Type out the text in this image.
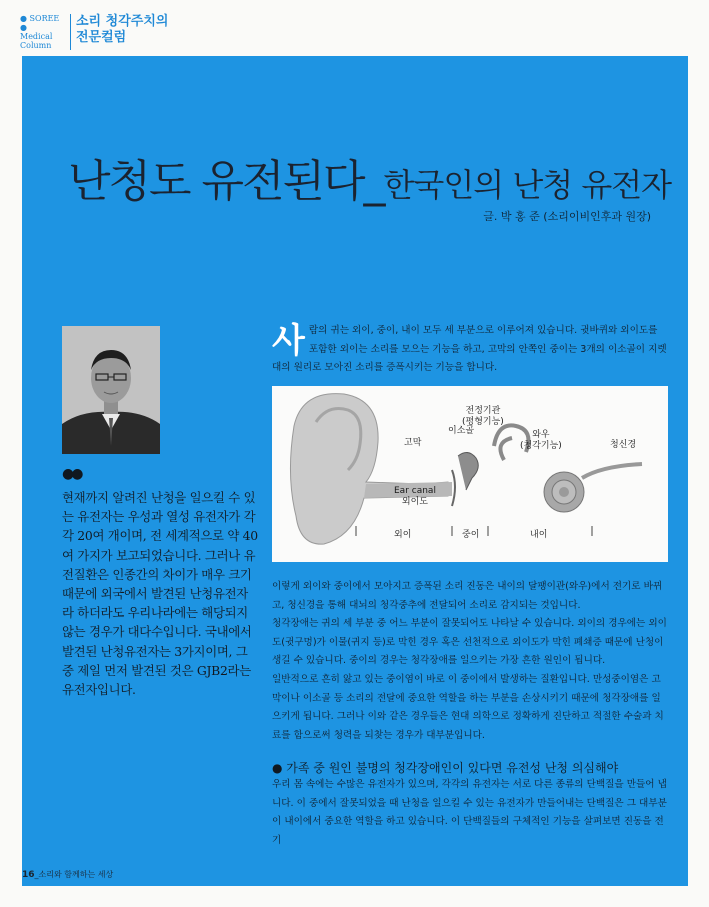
● SOREE ●
Medical
Column
소리 청각주치의
전문컬럼
난청도 유전된다_한국인의 난청 유전자
글. 박 홍 준 (소리이비인후과 원장)
●●
현재까지 알려진 난청을 일으킬 수 있는 유전자는 우성과 열성 유전자가 각각 20여 개이며, 전 세계적으로 약 40여 가지가 보고되었습니다. 그러나 유전질환은 인종간의 차이가 매우 크기 때문에 외국에서 발견된 난청유전자라 하더라도 우리나라에는 해당되지 않는 경우가 대다수입니다. 국내에서 발견된 난청유전자는 3가지이며, 그 중 제일 먼저 발견된 것은 GJB2라는 유전자입니다.
사 람의 귀는 외이, 중이, 내이 모두 세 부분으로 이루어져 있습니다. 귓바퀴와 외이도를 포함한 외이는 소리를 모으는 기능을 하고, 고막의 안쪽인 중이는 3개의 이소골이 지렛대의 원리로 모아진 소리를 증폭시키는 기능을 합니다.
전정기관
(평형기능)
이소골
고막
와우
(청각기능)	청신경
Ear canal
외이도
외이	중이	내이

이렇게 외이와 중이에서 모아지고 증폭된 소리 진동은 내이의 달팽이관(와우)에서 전기로 바뀌고, 청신경을 통해 대뇌의 청각중추에 전달되어 소리로 감지되는 것입니다.

청각장애는 귀의 세 부분 중 어느 부분이 잘못되어도 나타날 수 있습니다. 외이의 경우에는 외이도(귓구멍)가 이물(귀지 등)로 막힌 경우 혹은 선천적으로 외이도가 막힌 폐쇄증 때문에 난청이 생길 수 있습니다. 중이의 경우는 청각장애를 일으키는 가장 흔한 원인이 됩니다.

일반적으로 흔히 앓고 있는 중이염이 바로 이 중이에서 발생하는 질환입니다. 만성중이염은 고막이나 이소골 등 소리의 전달에 중요한 역할을 하는 부분을 손상시키기 때문에 청각장애를 일으키게 됩니다. 그러나 이와 같은 경우들은 현대 의학으로 정확하게 진단하고 적절한 수술과 치료를 함으로써 청력을 되찾는 경우가 대부분입니다.

● 가족 중 원인 불명의 청각장애인이 있다면 유전성 난청 의심해야
우리 몸 속에는 수많은 유전자가 있으며, 각각의 유전자는 서로 다른 종류의 단백질을 만들어 냅니다. 이 중에서 잘못되었을 때 난청을 일으킬 수 있는 유전자가 만들어내는 단백질은 그 대부분이 내이에서 중요한 역할을 하고 있습니다. 이 단백질들의 구체적인 기능을 살펴보면 진동을 전기
16_소리와 함께하는 세상
